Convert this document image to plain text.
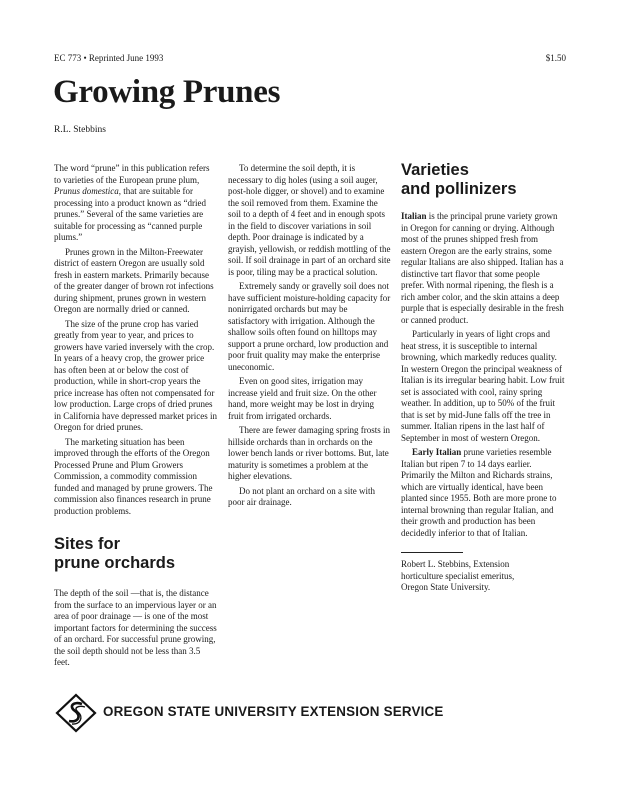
EC 773 • Reprinted June 1993	$1.50
Growing Prunes
R.L. Stebbins

The word “prune” in this publication refers to varieties of the European prune plum, Prunus domestica, that are suitable for processing into a product known as “dried prunes.” Several of the same varieties are suitable for processing as “canned purple plums.”

Prunes grown in the Milton-Freewater district of eastern Oregon are usually sold fresh in eastern markets. Primarily because of the greater danger of brown rot infections during shipment, prunes grown in western Oregon are normally dried or canned.

The size of the prune crop has varied greatly from year to year, and prices to growers have varied inversely with the crop. In years of a heavy crop, the grower price has often been at or below the cost of production, while in short-crop years the price increase has often not compensated for low production. Large crops of dried prunes in California have depressed market prices in Oregon for dried prunes.

The marketing situation has been improved through the efforts of the Oregon Processed Prune and Plum Growers Commission, a commodity commission funded and managed by prune growers. The commission also finances research in prune production problems.

Sites for
prune orchards

The depth of the soil —that is, the distance from the surface to an impervious layer or an area of poor drainage — is one of the most important factors for determining the success of an orchard. For successful prune growing, the soil depth should not be less than 3.5 feet.

To determine the soil depth, it is necessary to dig holes (using a soil auger, post-hole digger, or shovel) and to examine the soil removed from them. Examine the soil to a depth of 4 feet and in enough spots in the field to discover variations in soil depth. Poor drainage is indicated by a grayish, yellowish, or reddish mottling of the soil. If soil drainage in part of an orchard site is poor, tiling may be a practical solution.

Extremely sandy or gravelly soil does not have sufficient moisture-holding capacity for nonirrigated orchards but may be satisfactory with irrigation. Although the shallow soils often found on hilltops may support a prune orchard, low production and poor fruit quality may make the enterprise uneconomic.

Even on good sites, irrigation may increase yield and fruit size. On the other hand, more weight may be lost in drying fruit from irrigated orchards.

There are fewer damaging spring frosts in hillside orchards than in orchards on the lower bench lands or river bottoms. But, late maturity is sometimes a problem at the higher elevations.

Do not plant an orchard on a site with poor air drainage.

Varieties
and pollinizers

Italian is the principal prune variety grown in Oregon for canning or drying. Although most of the prunes shipped fresh from eastern Oregon are the early strains, some regular Italians are also shipped. Italian has a distinctive tart flavor that some people prefer. With normal ripening, the flesh is a rich amber color, and the skin attains a deep purple that is especially desirable in the fresh or canned product.

Particularly in years of light crops and heat stress, it is susceptible to internal browning, which markedly reduces quality. In western Oregon the principal weakness of Italian is its irregular bearing habit. Low fruit set is associated with cool, rainy spring weather. In addition, up to 50% of the fruit that is set by mid-June falls off the tree in summer. Italian ripens in the last half of September in most of western Oregon.

Early Italian prune varieties resemble Italian but ripen 7 to 14 days earlier. Primarily the Milton and Richards strains, which are virtually identical, have been planted since 1955. Both are more prone to internal browning than regular Italian, and their growth and production has been decidedly inferior to that of Italian.

Robert L. Stebbins, Extension
horticulture specialist emeritus,
Oregon State University.
OREGON STATE UNIVERSITY EXTENSION SERVICE
